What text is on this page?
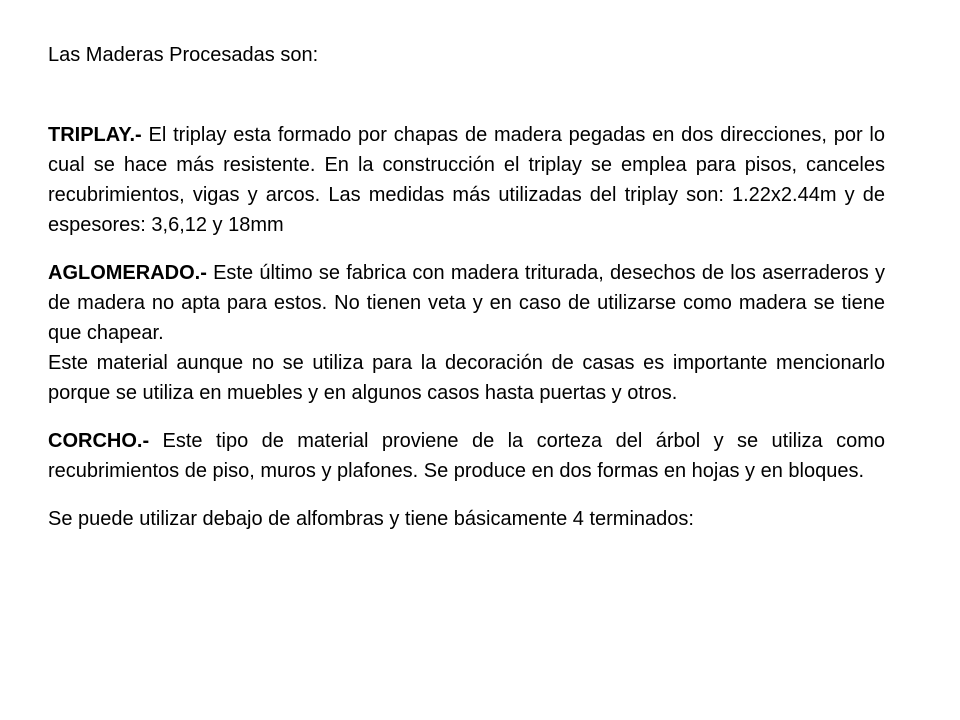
Las Maderas Procesadas son:

TRIPLAY.- El triplay esta formado por chapas de madera pegadas en dos direcciones, por lo cual se hace más resistente. En la construcción el triplay se emplea para pisos, canceles recubrimientos, vigas y arcos. Las medidas más utilizadas del triplay son: 1.22x2.44m y de espesores: 3,6,12 y 18mm

AGLOMERADO.- Este último se fabrica con madera triturada, desechos de los aserraderos y de madera no apta para estos. No tienen veta y en caso de utilizarse como madera se tiene que chapear.

Este material aunque no se utiliza para la decoración de casas es importante mencionarlo porque se utiliza en muebles y en algunos casos hasta puertas y otros.

CORCHO.- Este tipo de material proviene de la corteza del árbol y se utiliza como recubrimientos de piso, muros y plafones. Se produce en dos formas en hojas y en bloques.

Se puede utilizar debajo de alfombras y tiene básicamente 4 terminados:
